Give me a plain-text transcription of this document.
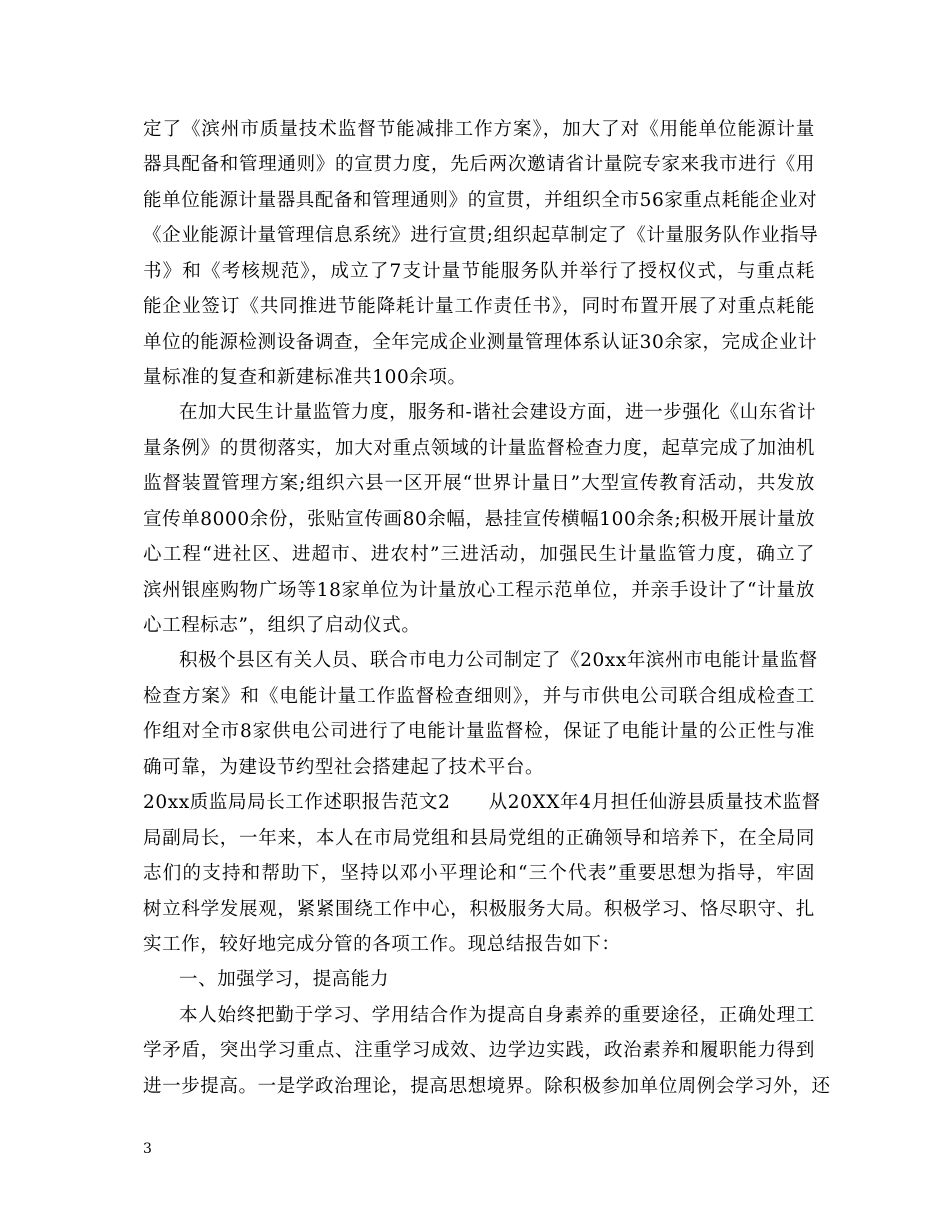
定了《滨州市质量技术监督节能减排工作方案》，加大了对《用能单位能源计量
器具配备和管理通则》的宣贯力度，先后两次邀请省计量院专家来我市进行《用
能单位能源计量器具配备和管理通则》的宣贯，并组织全市56家重点耗能企业对
《企业能源计量管理信息系统》进行宣贯;组织起草制定了《计量服务队作业指导
书》和《考核规范》，成立了7支计量节能服务队并举行了授权仪式，与重点耗
能企业签订《共同推进节能降耗计量工作责任书》，同时布置开展了对重点耗能
单位的能源检测设备调查，全年完成企业测量管理体系认证30余家，完成企业计
量标准的复查和新建标准共100余项。
在加大民生计量监管力度，服务和-谐社会建设方面，进一步强化《山东省计
量条例》的贯彻落实，加大对重点领域的计量监督检查力度，起草完成了加油机
监督装置管理方案;组织六县一区开展“世界计量日”大型宣传教育活动，共发放
宣传单8000余份，张贴宣传画80余幅，悬挂宣传横幅100余条;积极开展计量放
心工程“进社区、进超市、进农村”三进活动，加强民生计量监管力度，确立了
滨州银座购物广场等18家单位为计量放心工程示范单位，并亲手设计了“计量放
心工程标志”，组织了启动仪式。
积极个县区有关人员、联合市电力公司制定了《20xx年滨州市电能计量监督
检查方案》和《电能计量工作监督检查细则》，并与市供电公司联合组成检查工
作组对全市8家供电公司进行了电能计量监督检，保证了电能计量的公正性与准
确可靠，为建设节约型社会搭建起了技术平台。
20xx质监局局长工作述职报告范文2　　从20XX年4月担任仙游县质量技术监督
局副局长，一年来，本人在市局党组和县局党组的正确领导和培养下，在全局同
志们的支持和帮助下，坚持以邓小平理论和“三个代表”重要思想为指导，牢固
树立科学发展观，紧紧围绕工作中心，积极服务大局。积极学习、恪尽职守、扎
实工作，较好地完成分管的各项工作。现总结报告如下：
一、加强学习，提高能力
本人始终把勤于学习、学用结合作为提高自身素养的重要途径，正确处理工
学矛盾，突出学习重点、注重学习成效、边学边实践，政治素养和履职能力得到
进一步提高。一是学政治理论，提高思想境界。除积极参加单位周例会学习外，还
3
